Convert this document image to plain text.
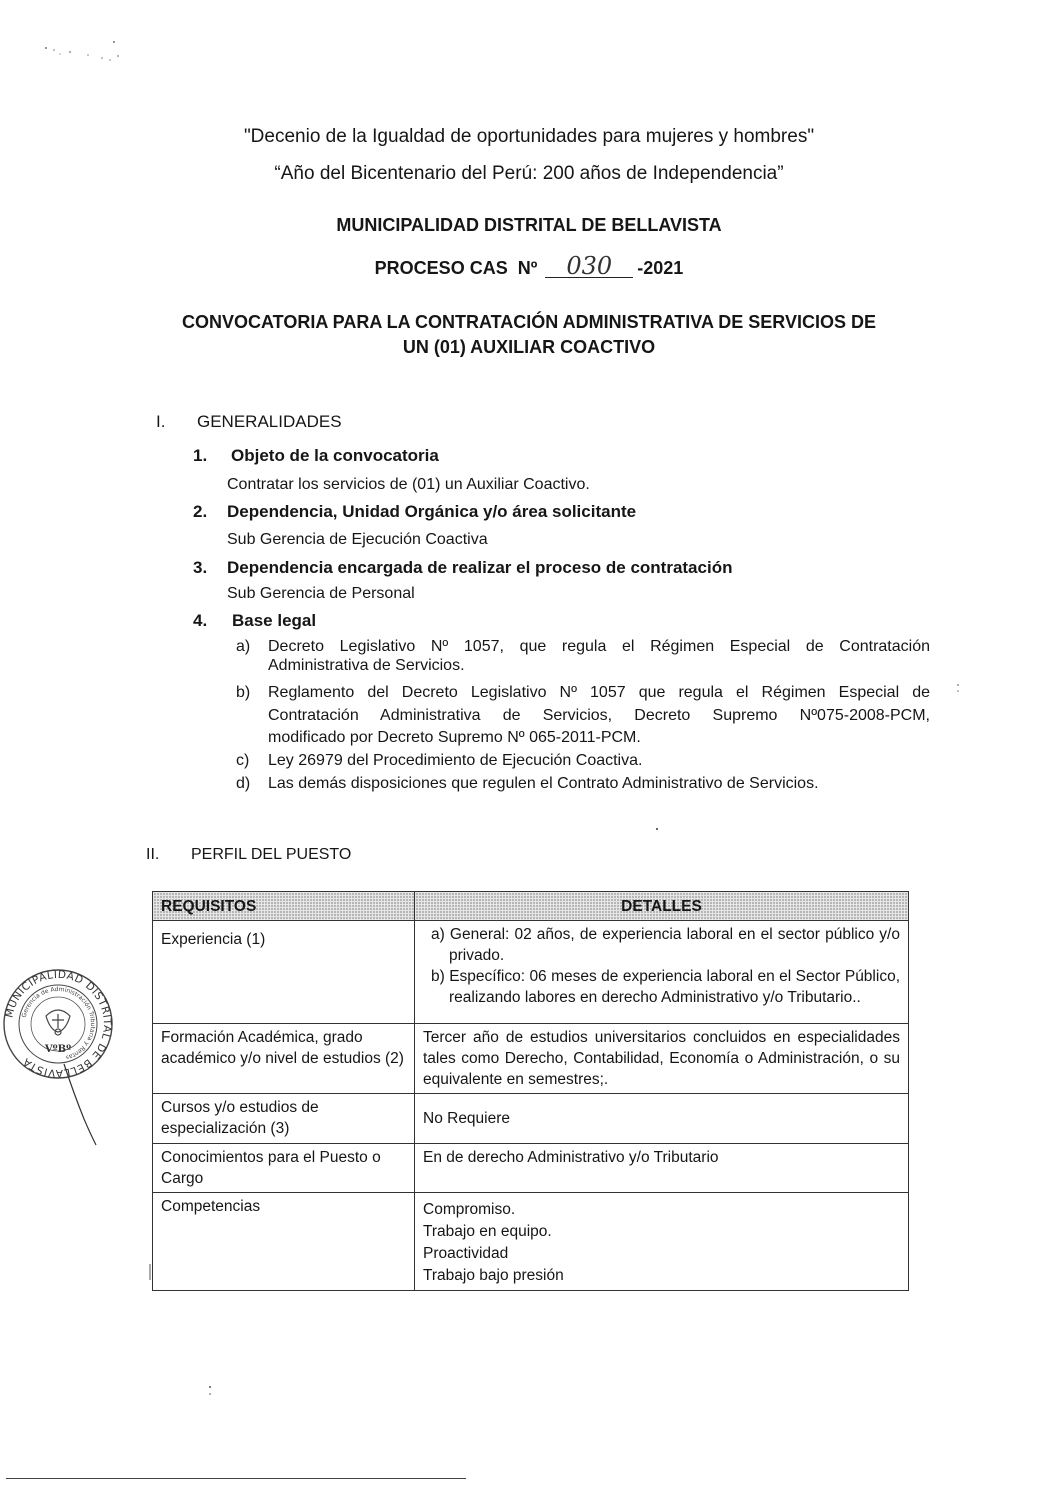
"Decenio de la Igualdad de oportunidades para mujeres y hombres"
“Año del Bicentenario del Perú: 200 años de Independencia”
MUNICIPALIDAD DISTRITAL DE BELLAVISTA
PROCESO CAS  Nº	030	-2021
CONVOCATORIA PARA LA CONTRATACIÓN ADMINISTRATIVA DE SERVICIOS DE
UN (01) AUXILIAR COACTIVO
I. GENERALIDADES
1. Objeto de la convocatoria
Contratar los servicios de (01) un Auxiliar Coactivo.
2. Dependencia, Unidad Orgánica y/o área solicitante
Sub Gerencia de Ejecución Coactiva
3. Dependencia encargada de realizar el proceso de contratación
Sub Gerencia de Personal
4. Base legal
a) Decreto Legislativo Nº 1057, que regula el Régimen Especial de Contratación
Administrativa de Servicios.
b) Reglamento del Decreto Legislativo Nº 1057 que regula el Régimen Especial de
Contratación Administrativa de Servicios, Decreto Supremo Nº075-2008-PCM,
modificado por Decreto Supremo Nº 065-2011-PCM.
c) Ley 26979 del Procedimiento de Ejecución Coactiva.
d) Las demás disposiciones que regulen el Contrato Administrativo de Servicios.
II. PERFIL DEL PUESTO
REQUISITOS	DETALLES
Experiencia (1)	a) General: 02 años, de experiencia laboral en el sector público y/o privado.
b) Específico: 06 meses de experiencia laboral en el Sector Público, realizando labores en derecho Administrativo y/o Tributario..

Formación Académica, grado académico y/o nivel de estudios (2)	Tercer año de estudios universitarios concluidos en especialidades tales como Derecho, Contabilidad, Economía o Administración, o su equivalente en semestres;.
Cursos y/o estudios de especialización (3)	No Requiere
Conocimientos para el Puesto o Cargo	En de derecho Administrativo y/o Tributario
Competencias	Compromiso.
Trabajo en equipo.
Proactividad
Trabajo bajo presión
MUNICIPALIDAD DISTRITAL DE BELLAVISTA
Gerencia de Administración Tributaria y Rentas
VºBº
